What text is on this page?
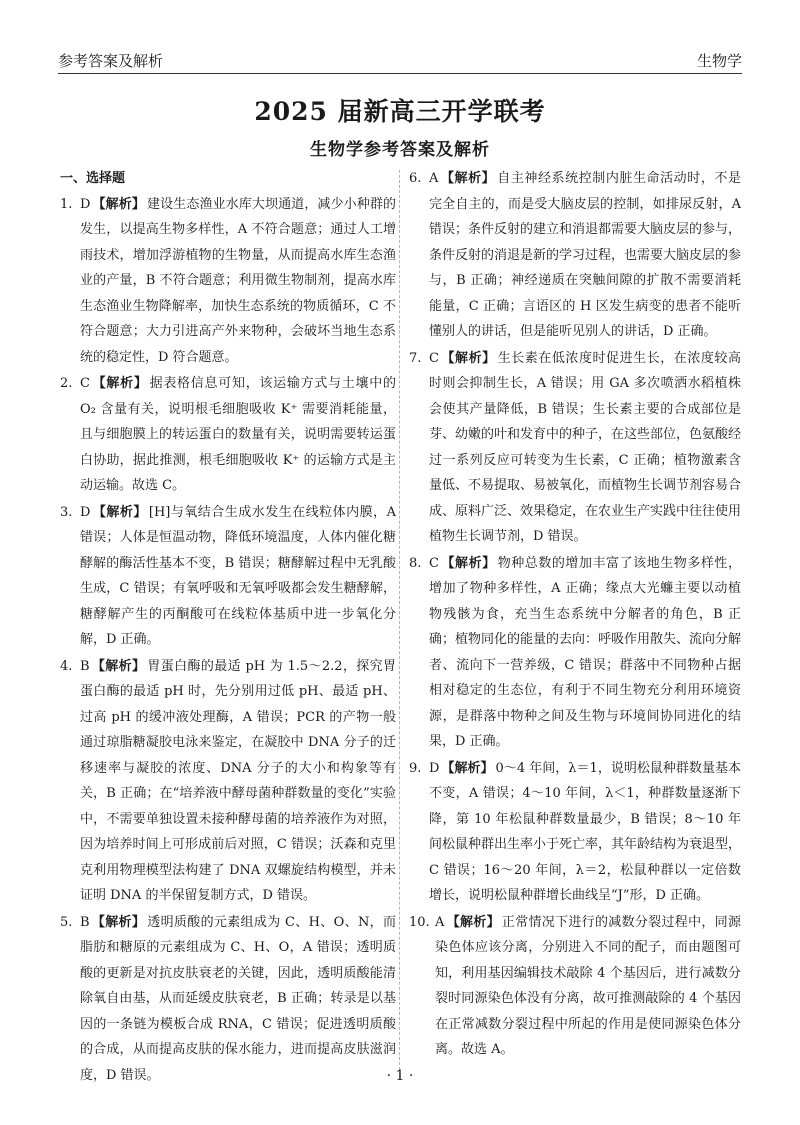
参考答案及解析	生物学
2025 届新高三开学联考
生物学参考答案及解析
一、选择题
1. D 【解析】 建设生态渔业水库大坝通道，减少小种群的发生，以提高生物多样性，A 不符合题意；通过人工增雨技术，增加浮游植物的生物量，从而提高水库生态渔业的产量，B 不符合题意；利用微生物制剂，提高水库生态渔业生物降解率，加快生态系统的物质循环，C 不符合题意；大力引进高产外来物种，会破坏当地生态系统的稳定性，D 符合题意。
2. C 【解析】 据表格信息可知，该运输方式与土壤中的 O₂ 含量有关，说明根毛细胞吸收 K⁺ 需要消耗能量，且与细胞膜上的转运蛋白的数量有关，说明需要转运蛋白协助，据此推测，根毛细胞吸收 K⁺ 的运输方式是主动运输。故选 C。
3. D 【解析】 [H]与氧结合生成水发生在线粒体内膜，A 错误；人体是恒温动物，降低环境温度，人体内催化糖酵解的酶活性基本不变，B 错误；糖酵解过程中无乳酸生成，C 错误；有氧呼吸和无氧呼吸都会发生糖酵解，糖酵解产生的丙酮酸可在线粒体基质中进一步氧化分解，D 正确。
4. B 【解析】 胃蛋白酶的最适 pH 为 1.5～2.2，探究胃蛋白酶的最适 pH 时，先分别用过低 pH、最适 pH、过高 pH 的缓冲液处理酶，A 错误；PCR 的产物一般通过琼脂糖凝胶电泳来鉴定，在凝胶中 DNA 分子的迁移速率与凝胶的浓度、DNA 分子的大小和构象等有关，B 正确；在“培养液中酵母菌种群数量的变化”实验中，不需要单独设置未接种酵母菌的培养液作为对照，因为培养时间上可形成前后对照，C 错误；沃森和克里克利用物理模型法构建了 DNA 双螺旋结构模型，并未证明 DNA 的半保留复制方式，D 错误。
5. B 【解析】 透明质酸的元素组成为 C、H、O、N，而脂肪和糖原的元素组成为 C、H、O，A 错误；透明质酸的更新是对抗皮肤衰老的关键，因此，透明质酸能清除氧自由基，从而延缓皮肤衰老，B 正确；转录是以基因的一条链为模板合成 RNA，C 错误；促进透明质酸的合成，从而提高皮肤的保水能力，进而提高皮肤滋润度，D 错误。
6. A 【解析】 自主神经系统控制内脏生命活动时，不是完全自主的，而是受大脑皮层的控制，如排尿反射，A 错误；条件反射的建立和消退都需要大脑皮层的参与，条件反射的消退是新的学习过程，也需要大脑皮层的参与，B 正确；神经递质在突触间隙的扩散不需要消耗能量，C 正确；言语区的 H 区发生病变的患者不能听懂别人的讲话，但是能听见别人的讲话，D 正确。
7. C 【解析】 生长素在低浓度时促进生长，在浓度较高时则会抑制生长，A 错误；用 GA 多次喷洒水稻植株会使其产量降低，B 错误；生长素主要的合成部位是芽、幼嫩的叶和发育中的种子，在这些部位，色氨酸经过一系列反应可转变为生长素，C 正确；植物激素含量低、不易提取、易被氧化，而植物生长调节剂容易合成、原料广泛、效果稳定，在农业生产实践中往往使用植物生长调节剂，D 错误。
8. C 【解析】 物种总数的增加丰富了该地生物多样性，增加了物种多样性，A 正确；缘点大光蠊主要以动植物残骸为食，充当生态系统中分解者的角色，B 正确；植物同化的能量的去向：呼吸作用散失、流向分解者、流向下一营养级，C 错误；群落中不同物种占据相对稳定的生态位，有利于不同生物充分利用环境资源，是群落中物种之间及生物与环境间协同进化的结果，D 正确。
9. D 【解析】 0～4 年间，λ＝1，说明松鼠种群数量基本不变，A 错误；4～10 年间，λ＜1，种群数量逐渐下降，第 10 年松鼠种群数量最少，B 错误；8～10 年间松鼠种群出生率小于死亡率，其年龄结构为衰退型，C 错误；16～20 年间，λ＝2，松鼠种群以一定倍数增长，说明松鼠种群增长曲线呈“J”形，D 正确。
10. A 【解析】 正常情况下进行的减数分裂过程中，同源染色体应该分离，分别进入不同的配子，而由题图可知，利用基因编辑技术敲除 4 个基因后，进行减数分裂时同源染色体没有分离，故可推测敲除的 4 个基因在正常减数分裂过程中所起的作用是使同源染色体分离。故选 A。
· 1 ·
